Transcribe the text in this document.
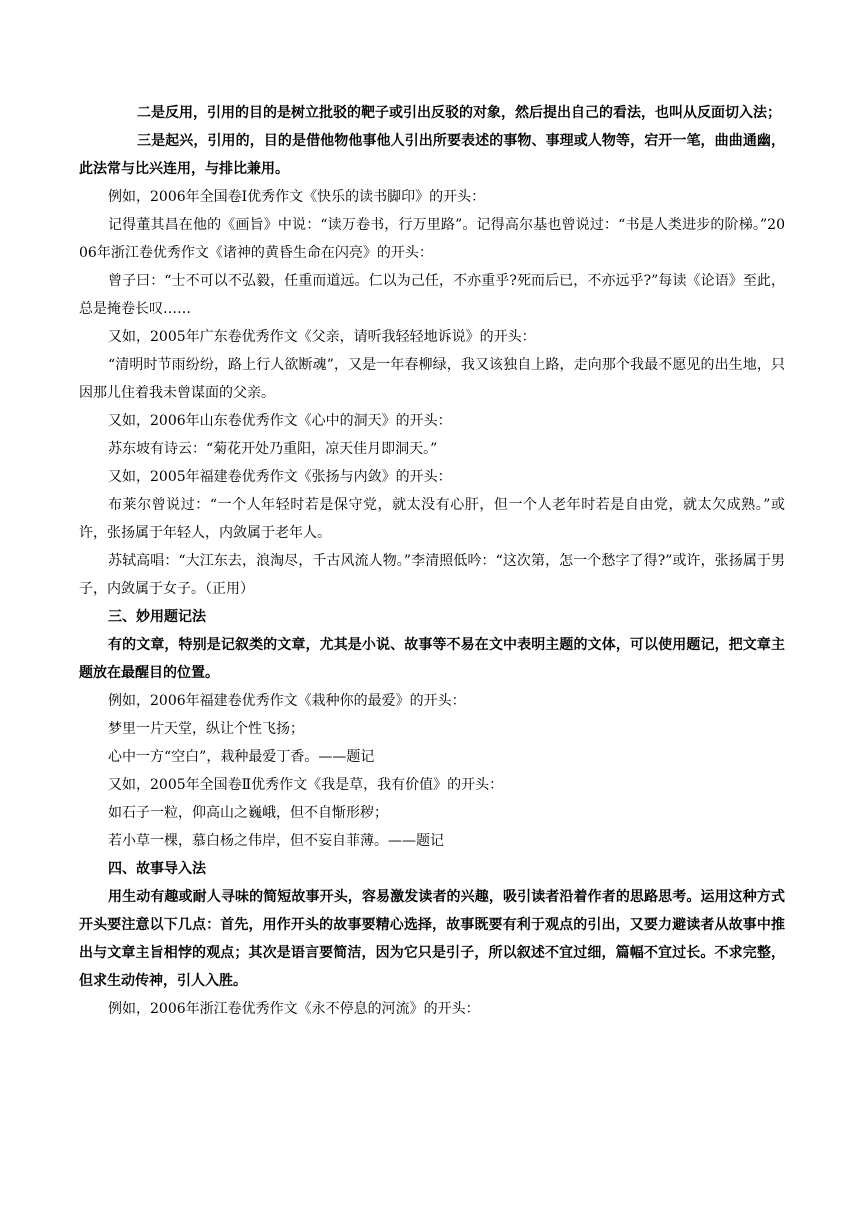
二是反用，引用的目的是树立批驳的靶子或引出反驳的对象，然后提出自己的看法，也叫从反面切入法；

三是起兴，引用的，目的是借他物他事他人引出所要表述的事物、事理或人物等，宕开一笔，曲曲通幽，此法常与比兴连用，与排比兼用。

例如，2006年全国卷Ⅰ优秀作文《快乐的读书脚印》的开头：

记得董其昌在他的《画旨》中说：“读万卷书，行万里路”。记得高尔基也曾说过：“书是人类进步的阶梯。”2006年浙江卷优秀作文《诸神的黄昏生命在闪亮》的开头：

曾子曰：“士不可以不弘毅，任重而道远。仁以为己任，不亦重乎?死而后已，不亦远乎?”每读《论语》至此，总是掩卷长叹……

又如，2005年广东卷优秀作文《父亲，请听我轻轻地诉说》的开头：

“清明时节雨纷纷，路上行人欲断魂”，又是一年春柳绿，我又该独自上路，走向那个我最不愿见的出生地，只因那儿住着我未曾谋面的父亲。

又如，2006年山东卷优秀作文《心中的洞天》的开头：

苏东坡有诗云：“菊花开处乃重阳，凉天佳月即洞天。”

又如，2005年福建卷优秀作文《张扬与内敛》的开头：

布莱尔曾说过：“一个人年轻时若是保守党，就太没有心肝，但一个人老年时若是自由党，就太欠成熟。”或许，张扬属于年轻人，内敛属于老年人。

苏轼高唱：“大江东去，浪淘尽，千古风流人物。”李清照低吟：“这次第，怎一个愁字了得?”或许，张扬属于男子，内敛属于女子。（正用）

三、妙用题记法

有的文章，特别是记叙类的文章，尤其是小说、故事等不易在文中表明主题的文体，可以使用题记，把文章主题放在最醒目的位置。

例如，2006年福建卷优秀作文《栽种你的最爱》的开头：

梦里一片天堂，纵让个性飞扬；

心中一方“空白”，栽种最爱丁香。——题记

又如，2005年全国卷Ⅱ优秀作文《我是草，我有价值》的开头：

如石子一粒，仰高山之巍峨，但不自惭形秽；

若小草一棵，慕白杨之伟岸，但不妄自菲薄。——题记

四、故事导入法

用生动有趣或耐人寻味的简短故事开头，容易激发读者的兴趣，吸引读者沿着作者的思路思考。运用这种方式开头要注意以下几点：首先，用作开头的故事要精心选择，故事既要有利于观点的引出，又要力避读者从故事中推出与文章主旨相悖的观点；其次是语言要简洁，因为它只是引子，所以叙述不宜过细，篇幅不宜过长。不求完整，但求生动传神，引人入胜。

例如，2006年浙江卷优秀作文《永不停息的河流》的开头：
